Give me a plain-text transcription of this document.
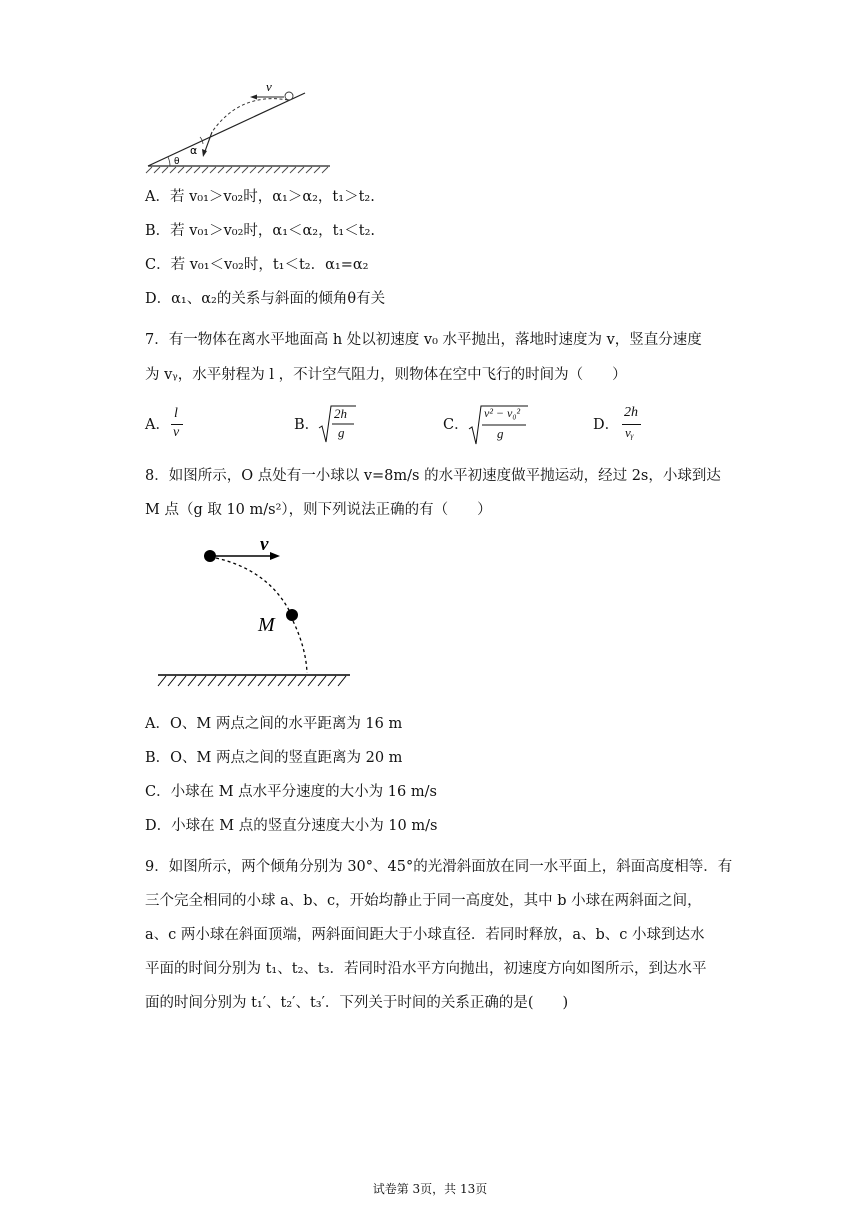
v
α
θ
A．若 v₀₁＞v₀₂时，α₁＞α₂，t₁＞t₂.
B．若 v₀₁＞v₀₂时，α₁＜α₂，t₁＜t₂.
C．若 v₀₁＜v₀₂时，t₁＜t₂．α₁=α₂
D．α₁、α₂的关系与斜面的倾角θ有关
7．有一物体在离水平地面高 h 处以初速度 v₀ 水平抛出，落地时速度为 v，竖直分速度
为 vᵧ，水平射程为 l ，不计空气阻力，则物体在空中飞行的时间为（　　）
A．
l
v	B．
2h
g	C．
v² − v₀²
g
D．
2h
vᵧ
8．如图所示，O 点处有一小球以 v=8m/s 的水平初速度做平抛运动，经过 2s，小球到达
M 点（g 取 10 m/s²），则下列说法正确的有（　　）
v
M
A．O、M 两点之间的水平距离为 16 m
B．O、M 两点之间的竖直距离为 20 m
C．小球在 M 点水平分速度的大小为 16 m/s
D．小球在 M 点的竖直分速度大小为 10 m/s
9．如图所示，两个倾角分别为 30°、45°的光滑斜面放在同一水平面上，斜面高度相等．有
三个完全相同的小球 a、b、c，开始均静止于同一高度处，其中 b 小球在两斜面之间，
a、c 两小球在斜面顶端，两斜面间距大于小球直径．若同时释放，a、b、c 小球到达水
平面的时间分别为 t₁、t₂、t₃．若同时沿水平方向抛出，初速度方向如图所示，到达水平
面的时间分别为 t₁′、t₂′、t₃′．下列关于时间的关系正确的是(　　)
试卷第 3页，共 13页
